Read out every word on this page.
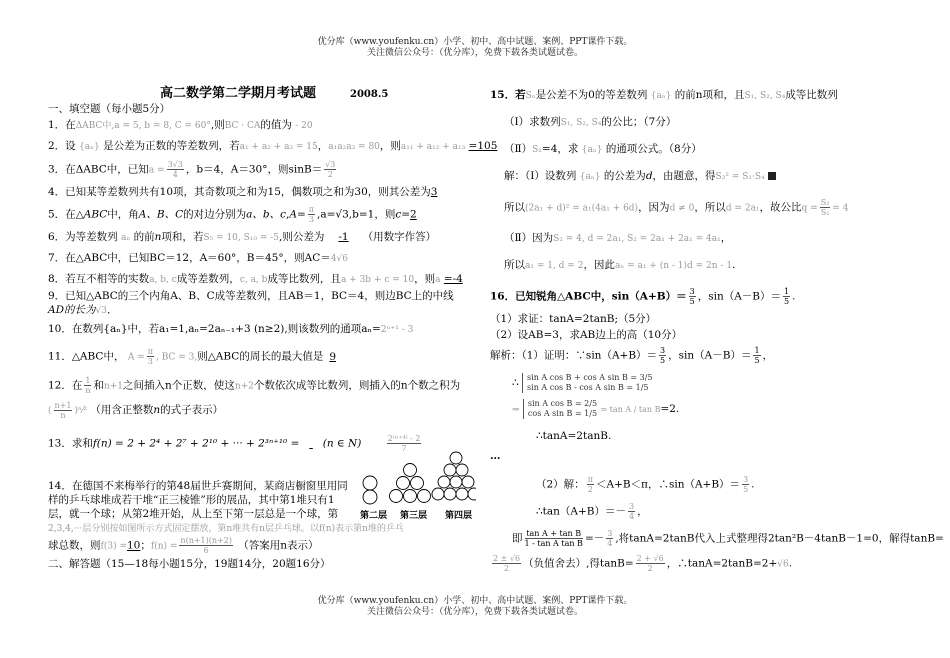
优分库（www.youfenku.cn）小学、初中、高中试题、案例、PPT课件下载。
关注微信公众号：（优分库），免费下载各类试题试卷。
高二数学第二学期月考试题	2008.5
一、填空题（每小题5分）
1．在ΔABC中,a = 5, b = 8, C = 60°,则BC · CA的值为 - 20
2．设 {aₙ} 是公差为正数的等差数列，若a₁ + a₂ + a₃ = 15，a₁a₂a₃ = 80，则a₁₁ + a₁₂ + a₁₃ =105
3．在ΔABC中，已知$a = \frac{3√3}{4}$ ，b＝4，A＝30°，则$\sin B= \frac{√3}{2}$
4．已知某等差数列共有10项，其奇数项之和为15，偶数项之和为30，则其公差为3
5．在△ABC中，角A、B、C的对边分别为a、b、$c,A= \frac{\pi}{3} ,a=√3,b=1$，则c=2
6．为等差数列 aₙ 的前n项和，若S₅ = 10, S₁₀ = -5,则公差为 -1 （用数字作答）
7．在△ABC中，已知BC＝12，A＝60°，B＝45°，则AC＝4√6
8．若互不相等的实数a, b, c成等差数列，c, a, b成等比数列，且a + 3b + c = 10，则a =-4
9．已知△ABC的三个内角A、B、C成等差数列，且AB＝1，BC＝4，则边BC上的中线
AD的长为√3．
10．在数列{aₙ}中，若a₁=1,aₙ=2aₙ₋₁+3 (n≥2),则该数列的通项aₙ=2ⁿ⁺¹ - 3
11．△ABC中， $A = \frac{\pi}{3}$ , BC = 3,则△ABC的周长的最大值是 9
12．在 $\frac{1}{n}$ 和n+1之间插入n个正数，使这n+2个数依次成等比数列，则插入的n个数之积为
( $\frac{n+1}{n}$ )ⁿ⁄² （用含正整数n的式子表示）
13．求和f(n) = 2 + 2⁴ + 2⁷ + 2¹⁰ + ··· + 2³ⁿ⁺¹⁰ = (n ∈ N)	$\frac{\text{2⁽ⁿ⁺⁴⁾ - 2}}{7}$
14．在德国不来梅举行的第48届世乒赛期间，某商店橱窗里用同
样的乒乓球堆成若干堆“正三棱锥”形的展品，其中第1堆只有1
层，就一个球；从第2堆开始，从上至下第一层总是一个球，第
2,3,4,···层分别按如图所示方式固定摆放，第n堆共有n层乒乓球。以f(n)表示第n堆的乒乓
球总数，则f(3) =10；$f(n) = \frac{n(n+1)(n+2)}{6}$ （答案用n表示）
二、解答题（15—18每小题15分，19题14分，20题16分）
第二层 第三层 第四层
15．若Sₙ是公差不为0的等差数列 {aₙ} 的前n项和，且S₁, S₂, S₄成等比数列
（Ⅰ）求数列S₁, S₂, S₄的公比；（7分）
（Ⅱ）S₂=4，求 {aₙ} 的通项公式。（8分）
解：（Ⅰ）设数列 {aₙ} 的公差为d，由题意，得S₂² = S₁·S₄
所以(2a₁ + d)² = a₁(4a₁ + 6d)，因为d ≠ 0，所以d = 2a₁，故公比$q = \frac{\text{S₂}}{\text{S₁}} = 4$
（Ⅱ）因为S₂ = 4, d = 2a₁, S₂ = 2a₁ + 2a₁ = 4a₁，
所以a₁ = 1, d = 2，因此aₙ = a₁ + (n - 1)d = 2n - 1.
16．已知锐角△ABC中，$\sin(A+B)= \frac{3}{5}$ ，$\sin(A-B)= \frac{1}{5}$ .
（1）求证：tanA=2tanB;（5分）
（2）设AB=3，求AB边上的高（10分）
解析：（1）证明：∵sin（A+B）＝ $\frac{3}{5}$ ，$\sin(A-B)= \frac{1}{5}$ ，
∴ sin A cos B + cos A sin B = 3/5
sin A cos B - cos A sin B = 1/5
⇒
sin A cos B = 2/5
cos A sin B = 1/5 ⇒ tan A / tan B=2.
∴tanA=2tanB.
…
（2）解： $\frac{\pi}{2} <A+B<\pi$，∴sin（A+B）＝ $\frac{3}{5}$ .
∴tan（A+B）＝－ $\frac{3}{4}$ ，
即 $\frac{\text{tan A + tan B}}{\text{1 - tan A tan B}} =- \frac{3}{4}$ ,将tanA=2tanB代入上式整理得2tan²B－4tanB－1=0，解得tanB=
$\frac{2 \pm √6}{2}$ （负值舍去）,得$\tan B= \frac{2 + √6}{2}$ ，∴tanA=2tanB=2+√6.
优分库（www.youfenku.cn）小学、初中、高中试题、案例、PPT课件下载。
关注微信公众号：（优分库），免费下载各类试题试卷。
